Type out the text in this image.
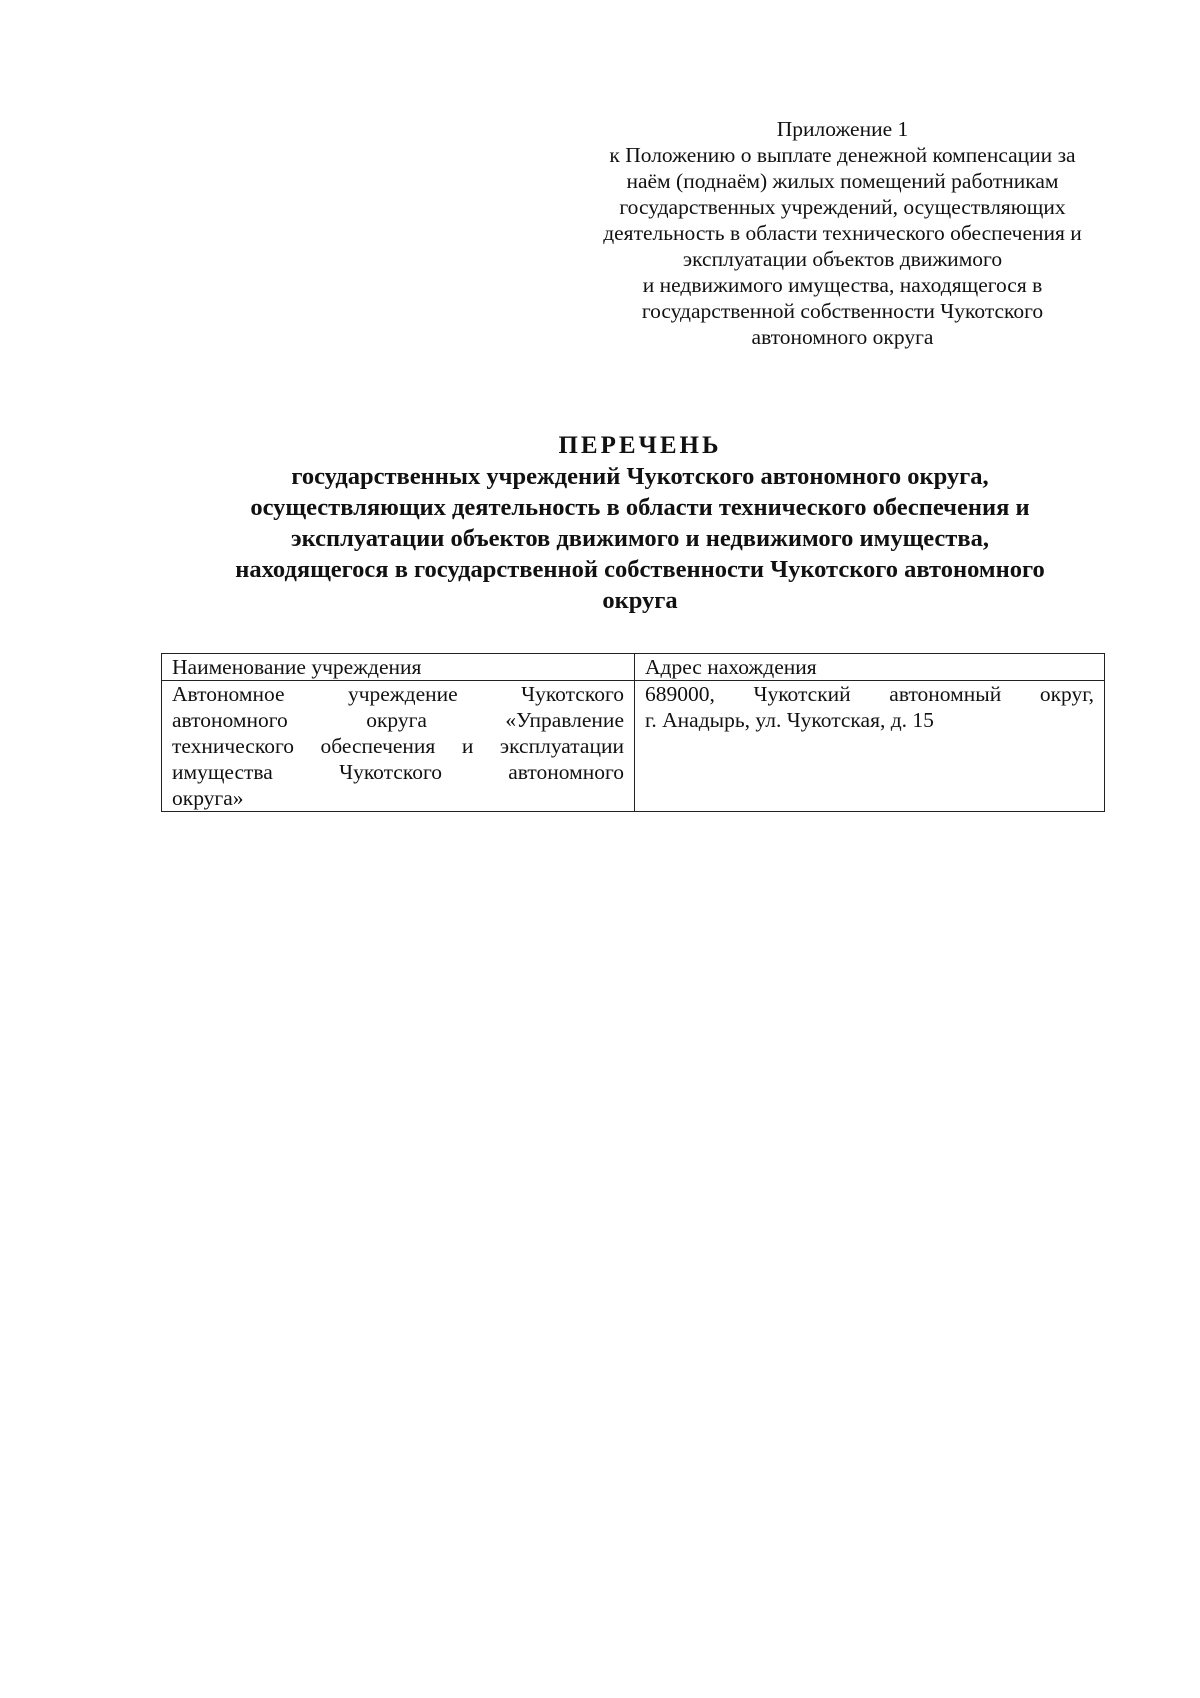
Приложение 1
к Положению о выплате денежной компенсации за
наём (поднаём) жилых помещений работникам
государственных учреждений, осуществляющих
деятельность в области технического обеспечения и
эксплуатации объектов движимого
и недвижимого имущества, находящегося в
государственной собственности Чукотского
автономного округа
ПЕРЕЧЕНЬ
государственных учреждений Чукотского автономного округа,
осуществляющих деятельность в области технического обеспечения и
эксплуатации объектов движимого и недвижимого имущества,
находящегося в государственной собственности Чукотского автономного
округа
Наименование учреждения	Адрес нахождения

Автономное учреждение Чукотского
автономного округа «Управление
технического обеспечения и эксплуатации
имущества Чукотского автономного
округа»	689000, Чукотский автономный округ,
г. Анадырь, ул. Чукотская, д. 15
